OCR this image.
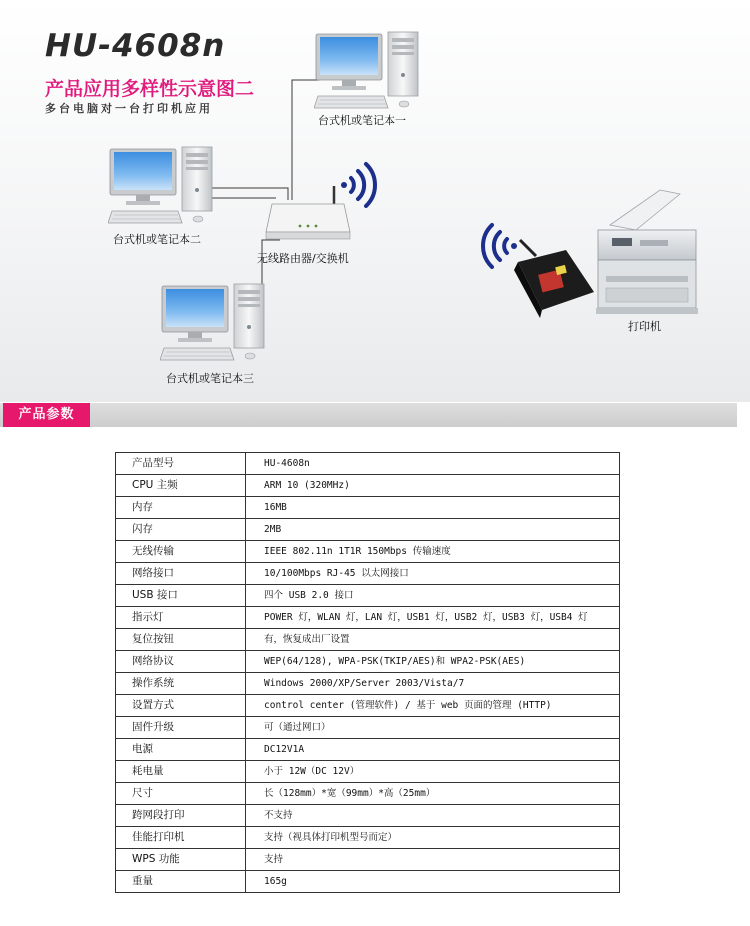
HU-4608n
产品应用多样性示意图二

多台电脑对一台打印机应用

台式机或笔记本一
台式机或笔记本二
无线路由器/交换机
台式机或笔记本三
打印机
产品参数
产品型号	HU-4608n
CPU 主频	ARM 10 (320MHz)
内存	16MB
闪存	2MB
无线传输	IEEE 802.11n 1T1R 150Mbps 传输速度
网络接口	10/100Mbps RJ-45 以太网接口
USB 接口	四个 USB 2.0 接口
指示灯	POWER 灯，WLAN 灯，LAN 灯，USB1 灯，USB2 灯，USB3 灯，USB4 灯
复位按钮	有，恢复成出厂设置
网络协议	WEP(64/128), WPA-PSK(TKIP/AES)和 WPA2-PSK(AES)
操作系统	Windows 2000/XP/Server 2003/Vista/7
设置方式	control center (管理软件) / 基于 web 页面的管理 (HTTP)
固件升级	可（通过网口）
电源	DC12V1A
耗电量	小于 12W（DC 12V）
尺寸	长（128mm）*宽（99mm）*高（25mm）
跨网段打印	不支持
佳能打印机	支持（视具体打印机型号而定）
WPS 功能	支持
重量	165g
